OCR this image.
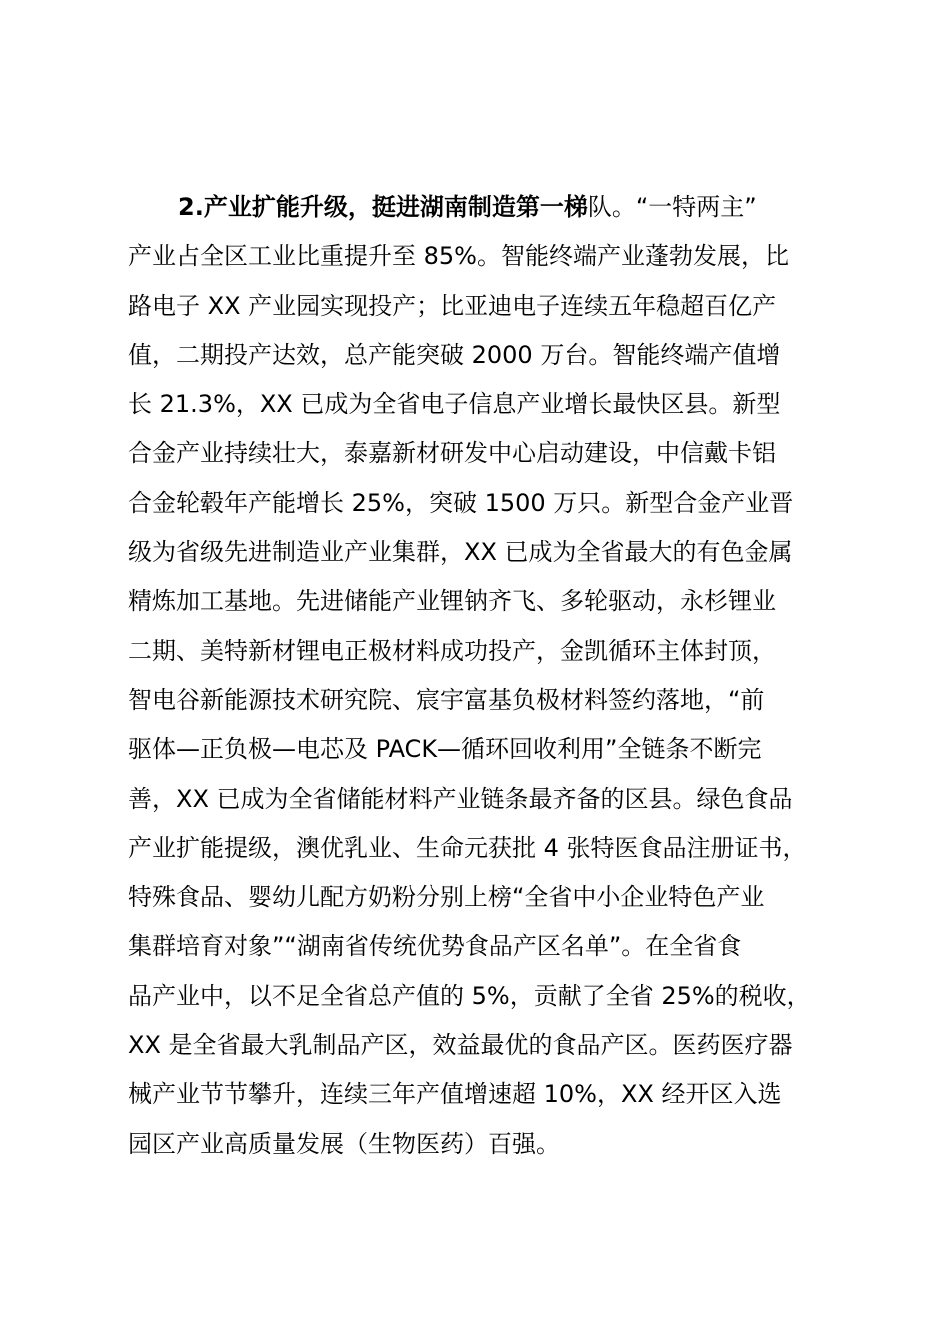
2.产业扩能升级，挺进湖南制造第一梯队。“一特两主”
产业占全区工业比重提升至 85%。智能终端产业蓬勃发展，比
路电子 XX 产业园实现投产；比亚迪电子连续五年稳超百亿产
值，二期投产达效，总产能突破 2000 万台。智能终端产值增
长 21.3%，XX 已成为全省电子信息产业增长最快区县。新型
合金产业持续壮大，泰嘉新材研发中心启动建设，中信戴卡铝
合金轮毂年产能增长 25%，突破 1500 万只。新型合金产业晋
级为省级先进制造业产业集群，XX 已成为全省最大的有色金属
精炼加工基地。先进储能产业锂钠齐飞、多轮驱动，永杉锂业
二期、美特新材锂电正极材料成功投产，金凯循环主体封顶，
智电谷新能源技术研究院、宸宇富基负极材料签约落地，“前
驱体—正负极—电芯及 PACK—循环回收利用”全链条不断完
善，XX 已成为全省储能材料产业链条最齐备的区县。绿色食品
产业扩能提级，澳优乳业、生命元获批 4 张特医食品注册证书，
特殊食品、婴幼儿配方奶粉分别上榜“全省中小企业特色产业
集群培育对象”“湖南省传统优势食品产区名单”。在全省食
品产业中，以不足全省总产值的 5%，贡献了全省 25%的税收，
XX 是全省最大乳制品产区，效益最优的食品产区。医药医疗器
械产业节节攀升，连续三年产值增速超 10%，XX 经开区入选
园区产业高质量发展（生物医药）百强。
